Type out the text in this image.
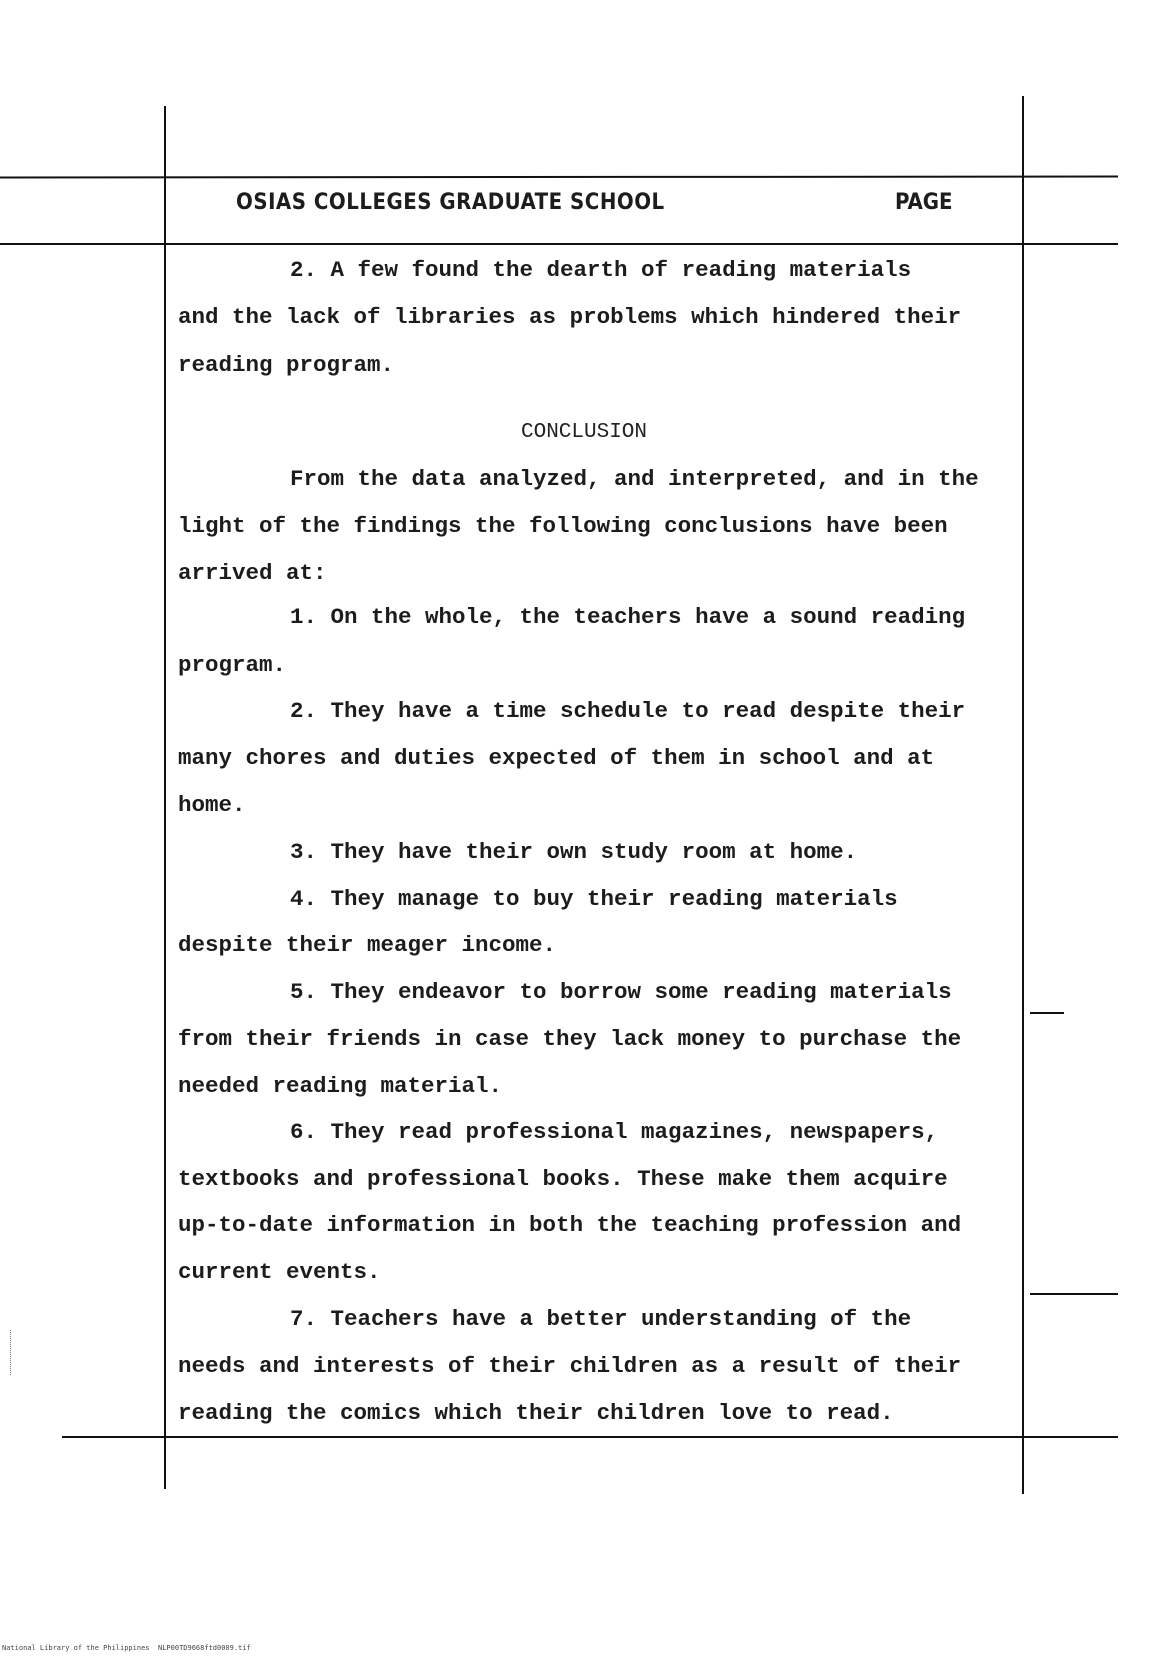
OSIAS COLLEGES GRADUATE SCHOOL	PAGE
2. A few found the dearth of reading materials
and the lack of libraries as problems which hindered their
reading program.
CONCLUSION
From the data analyzed, and interpreted, and in the
light of the findings the following conclusions have been
arrived at:
1. On the whole, the teachers have a sound reading
program.
2. They have a time schedule to read despite their
many chores and duties expected of them in school and at
home.
3. They have their own study room at home.
4. They manage to buy their reading materials
despite their meager income.
5. They endeavor to borrow some reading materials
from their friends in case they lack money to purchase the
needed reading material.
6. They read professional magazines, newspapers,
textbooks and professional books. These make them acquire
up-to-date information in both the teaching profession and
current events.
7. Teachers have a better understanding of the
needs and interests of their children as a result of their
reading the comics which their children love to read.
National Library of the Philippines NLP00TD9668ftd0009.tif
